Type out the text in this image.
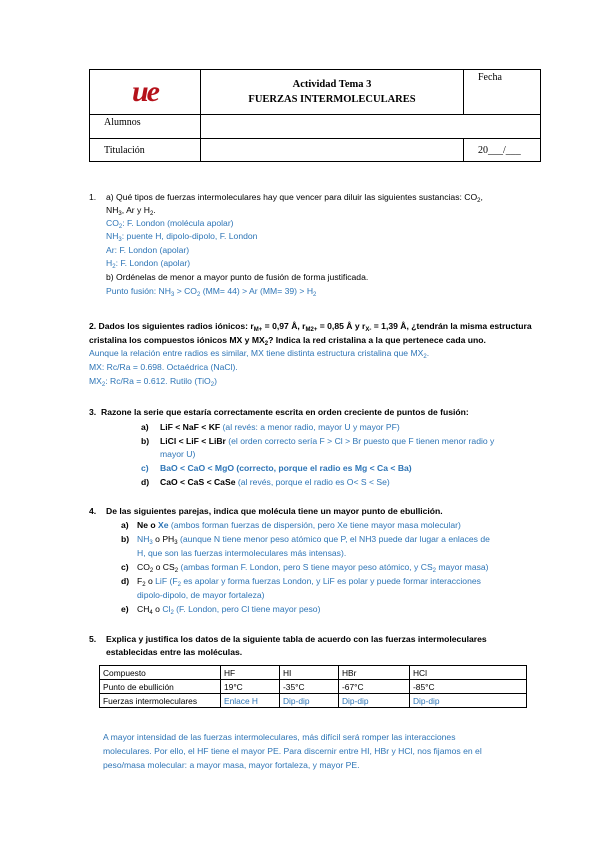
ue	Actividad Tema 3
FUERZAS INTERMOLECULARES	Fecha
Alumnos		
Titulación		20___/___
1. a) Qué tipos de fuerzas intermoleculares hay que vencer para diluir las siguientes sustancias: $CO_2$,
$NH_3$, Ar y $H_2$.
$CO_2$: F. London (molécula apolar)
$NH_3$: puente H, dipolo-dipolo, F. London
Ar: F. London (apolar)
$H_2$: F. London (apolar)
b) Ordénelas de menor a mayor punto de fusión de forma justificada.
Punto fusión: $NH_3 > CO_2$ (MM= 44) > Ar $(MM= 39) > H_2$
2. Dados los siguientes radios iónicos: $r_{M+} = 0,97$ Å, $r_{M2+} = 0,85$ Å y $r_{X-} = 1,39$ Å, ¿tendrán la misma estructura
cristalina los compuestos iónicos MX y $MX_2$? Indica la red cristalina a la que pertenece cada uno.
Aunque la relación entre radios es similar, MX tiene distinta estructura cristalina que $MX_2$.
MX: Rc/Ra = 0.698. Octaédrica (NaCl).
$MX_2$: Rc/Ra = 0.612. Rutilo (TiO$_2$)
3. Razone la serie que estaría correctamente escrita en orden creciente de puntos de fusión:
a) LiF < NaF < KF (al revés: a menor radio, mayor U y mayor PF)
b) LiCl < LiF < LiBr (el orden correcto sería F > Cl > Br puesto que F tienen menor radio y
mayor U)
c) BaO < CaO < MgO (correcto, porque el radio es Mg < Ca < Ba)
d) CaO < CaS < CaSe (al revés, porque el radio es O< S < Se)
4. De las siguientes parejas, indica que molécula tiene un mayor punto de ebullición.
a) Ne o Xe (ambos forman fuerzas de dispersión, pero Xe tiene mayor masa molecular)
b) $NH_3$ o $PH_3$ (aunque N tiene menor peso atómico que P, el NH3 puede dar lugar a enlaces de
H, que son las fuerzas intermoleculares más intensas).
c) $CO_2$ o $CS_2$ (ambas forman F. London, pero S tiene mayor peso atómico, y $CS_2$ mayor masa)
d) $F_2$ o LiF ($F_2$ es apolar y forma fuerzas London, y LiF es polar y puede formar interacciones
dipolo-dipolo, de mayor fortaleza)
e) $CH_4$ o $Cl_2$ (F. London, pero Cl tiene mayor peso)
5. Explica y justifica los datos de la siguiente tabla de acuerdo con las fuerzas intermoleculares
establecidas entre las moléculas.
Compuesto	HF	HI	HBr	HCl
Punto de ebullición	19°C	-35°C	-67°C	-85°C
Fuerzas intermoleculares	Enlace H	Dip-dip	Dip-dip	Dip-dip
A mayor intensidad de las fuerzas intermoleculares, más difícil será romper las interacciones
moleculares. Por ello, el HF tiene el mayor PE. Para discernir entre HI, HBr y HCl, nos fijamos en el
peso/masa molecular: a mayor masa, mayor fortaleza, y mayor PE.
